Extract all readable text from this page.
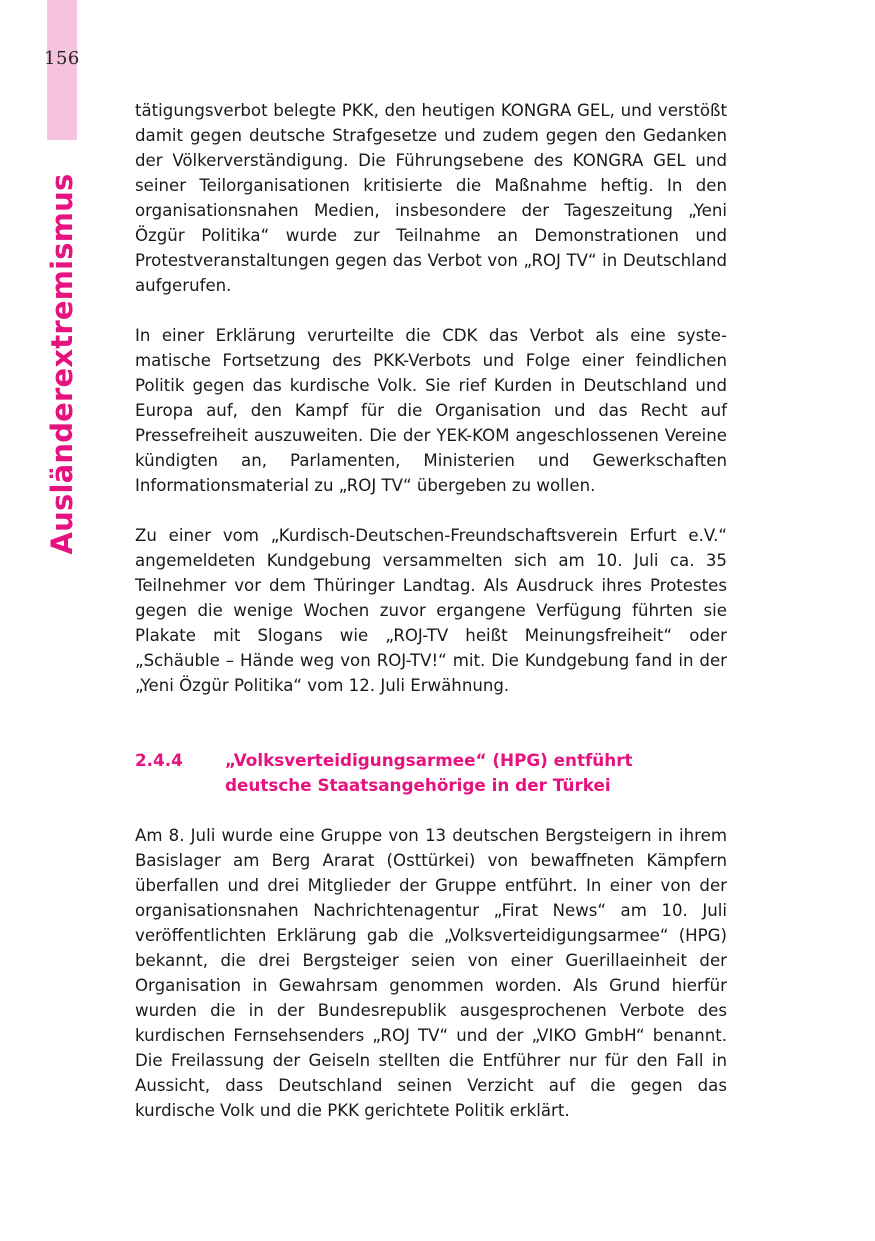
156
Ausländerextremismus

tätigungsverbot belegte PKK, den heutigen KONGRA GEL, und verstößt damit gegen deutsche Strafgesetze und zudem gegen den Gedanken der Völkerverständigung. Die Führungsebene des KONGRA GEL und seiner Teilorganisationen kritisierte die Maßnahme heftig. In den organisationsnahen Medien, insbesondere der Tageszeitung „Yeni Özgür Politika“ wurde zur Teilnahme an Demonstrationen und Protestveranstaltungen gegen das Verbot von „ROJ TV“ in Deutschland aufgerufen.

In einer Erklärung verurteilte die CDK das Verbot als eine systematische Fortsetzung des PKK-Verbots und Folge einer feindlichen Politik gegen das kurdische Volk. Sie rief Kurden in Deutschland und Europa auf, den Kampf für die Organisation und das Recht auf Pressefreiheit auszuweiten. Die der YEK-KOM angeschlossenen Vereine kündigten an, Parlamenten, Ministerien und Gewerkschaften Informationsmaterial zu „ROJ TV“ übergeben zu wollen.

Zu einer vom „Kurdisch-Deutschen-Freundschaftsverein Erfurt e.V.“ angemeldeten Kundgebung versammelten sich am 10. Juli ca. 35 Teilnehmer vor dem Thüringer Landtag. Als Ausdruck ihres Protestes gegen die wenige Wochen zuvor ergangene Verfügung führten sie Plakate mit Slogans wie „ROJ-TV heißt Meinungsfreiheit“ oder „Schäuble – Hände weg von ROJ-TV!“ mit. Die Kundgebung fand in der „Yeni Özgür Politika“ vom 12. Juli Erwähnung.

2.4.4	„Volksverteidigungsarmee“ (HPG) entführt
deutsche Staatsangehörige in der Türkei

Am 8. Juli wurde eine Gruppe von 13 deutschen Bergsteigern in ihrem Basislager am Berg Ararat (Osttürkei) von bewaffneten Kämpfern überfallen und drei Mitglieder der Gruppe entführt. In einer von der organisationsnahen Nachrichtenagentur „Firat News“ am 10. Juli veröffentlichten Erklärung gab die „Volksverteidigungsarmee“ (HPG) bekannt, die drei Bergsteiger seien von einer Guerillaeinheit der Organisation in Gewahrsam genommen worden. Als Grund hierfür wurden die in der Bundesrepublik ausgesprochenen Verbote des kurdischen Fernsehsenders „ROJ TV“ und der „VIKO GmbH“ benannt. Die Freilassung der Geiseln stellten die Entführer nur für den Fall in Aussicht, dass Deutschland seinen Verzicht auf die gegen das kurdische Volk und die PKK gerichtete Politik erklärt.
